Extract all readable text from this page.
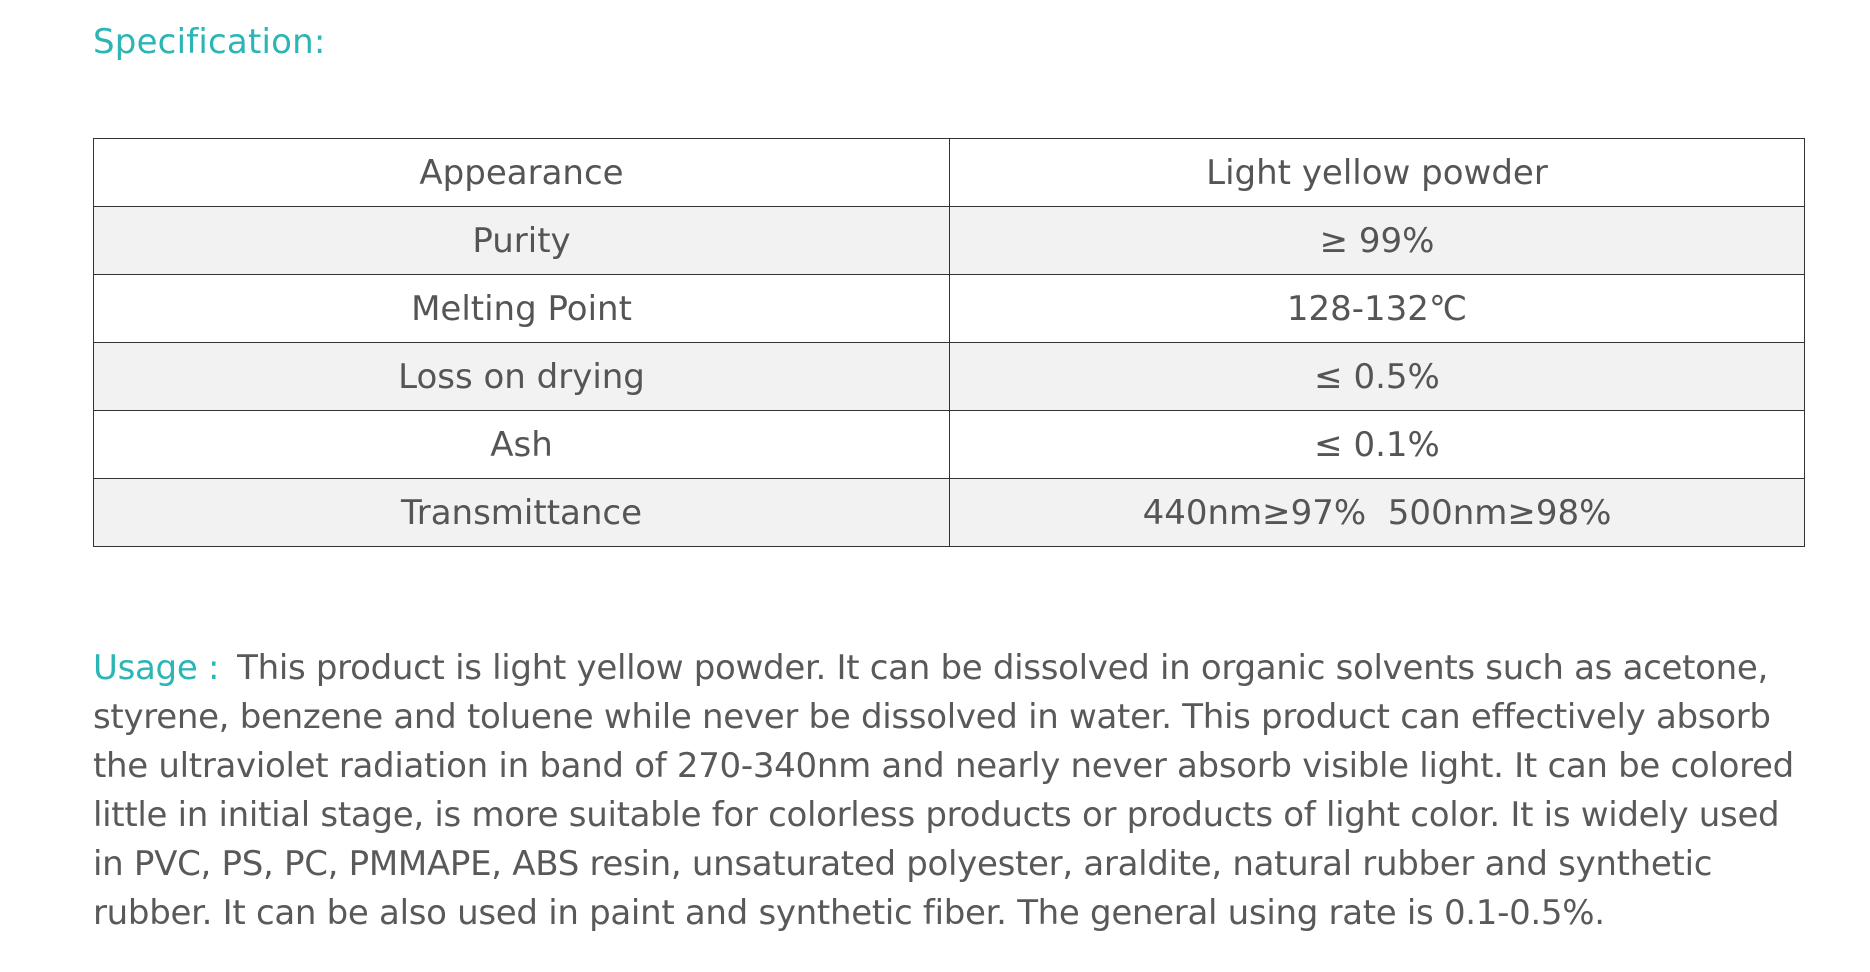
Specification:
Appearance	Light yellow powder
Purity	≥ 99%
Melting Point	128-132℃
Loss on drying	≤ 0.5%
Ash	≤ 0.1%
Transmittance	440nm≥97%  500nm≥98%
Usage : This product is light yellow powder. It can be dissolved in organic solvents such as acetone, styrene, benzene and toluene while never be dissolved in water. This product can effectively absorb the ultraviolet radiation in band of 270-340nm and nearly never absorb visible light. It can be colored little in initial stage, is more suitable for colorless products or products of light color. It is widely used in PVC, PS, PC, PMMAPE, ABS resin, unsaturated polyester, araldite, natural rubber and synthetic rubber. It can be also used in paint and synthetic fiber. The general using rate is 0.1-0.5%.
